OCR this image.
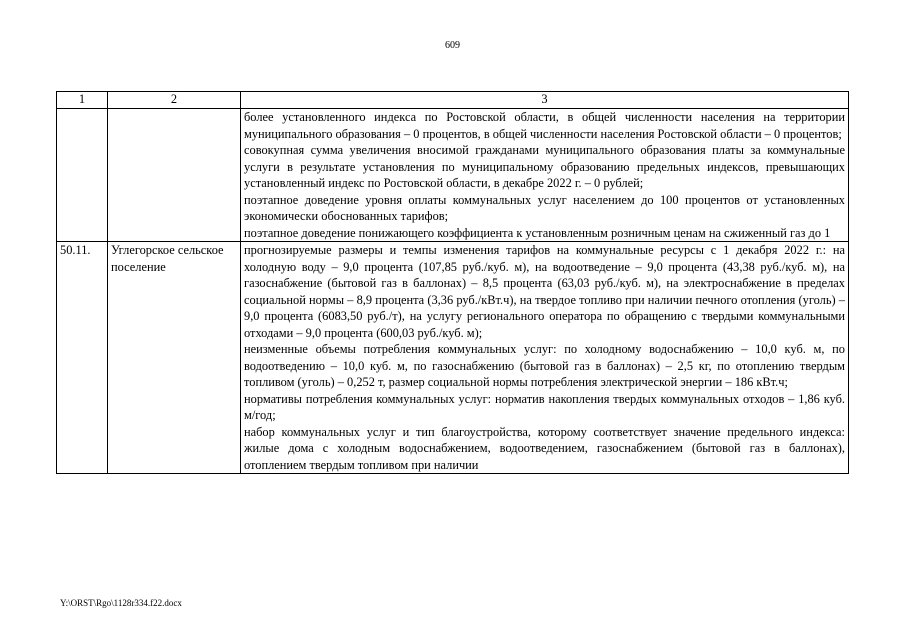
609
1	2	3

		более установленного индекса по Ростовской области, в общей численности населения на территории муниципального образования – 0 процентов, в общей численности населения Ростовской области – 0 процентов;

совокупная сумма увеличения вносимой гражданами муниципального образования платы за коммунальные услуги в результате установления по муниципальному образованию предельных индексов, превышающих установленный индекс по Ростовской области, в декабре 2022 г. – 0 рублей;

поэтапное доведение уровня оплаты коммунальных услуг населением до 100 процентов от установленных экономически обоснованных тарифов;

поэтапное доведение понижающего коэффициента к установленным розничным ценам на сжиженный газ до 1

50.11.	Углегорское сельское поселение	прогнозируемые размеры и темпы изменения тарифов на коммунальные ресурсы с 1 декабря 2022 г.: на холодную воду – 9,0 процента (107,85 руб./куб. м), на водоотведение – 9,0 процента (43,38 руб./куб. м), на газоснабжение (бытовой газ в баллонах) – 8,5 процента (63,03 руб./куб. м), на электроснабжение в пределах социальной нормы – 8,9 процента (3,36 руб./кВт.ч), на твердое топливо при наличии печного отопления (уголь) – 9,0 процента (6083,50 руб./т), на услугу регионального оператора по обращению с твердыми коммунальными отходами – 9,0 процента (600,03 руб./куб. м);

неизменные объемы потребления коммунальных услуг: по холодному водоснабжению – 10,0 куб. м, по водоотведению – 10,0 куб. м, по газоснабжению (бытовой газ в баллонах) – 2,5 кг, по отоплению твердым топливом (уголь) – 0,252 т, размер социальной нормы потребления электрической энергии – 186 кВт.ч;

нормативы потребления коммунальных услуг: норматив накопления твердых коммунальных отходов – 1,86 куб. м/год;

набор коммунальных услуг и тип благоустройства, которому соответствует значение предельного индекса: жилые дома с холодным водоснабжением, водоотведением, газоснабжением (бытовой газ в баллонах), отоплением твердым топливом при наличии

Y:\ORST\Rgo\1128r334.f22.docx
